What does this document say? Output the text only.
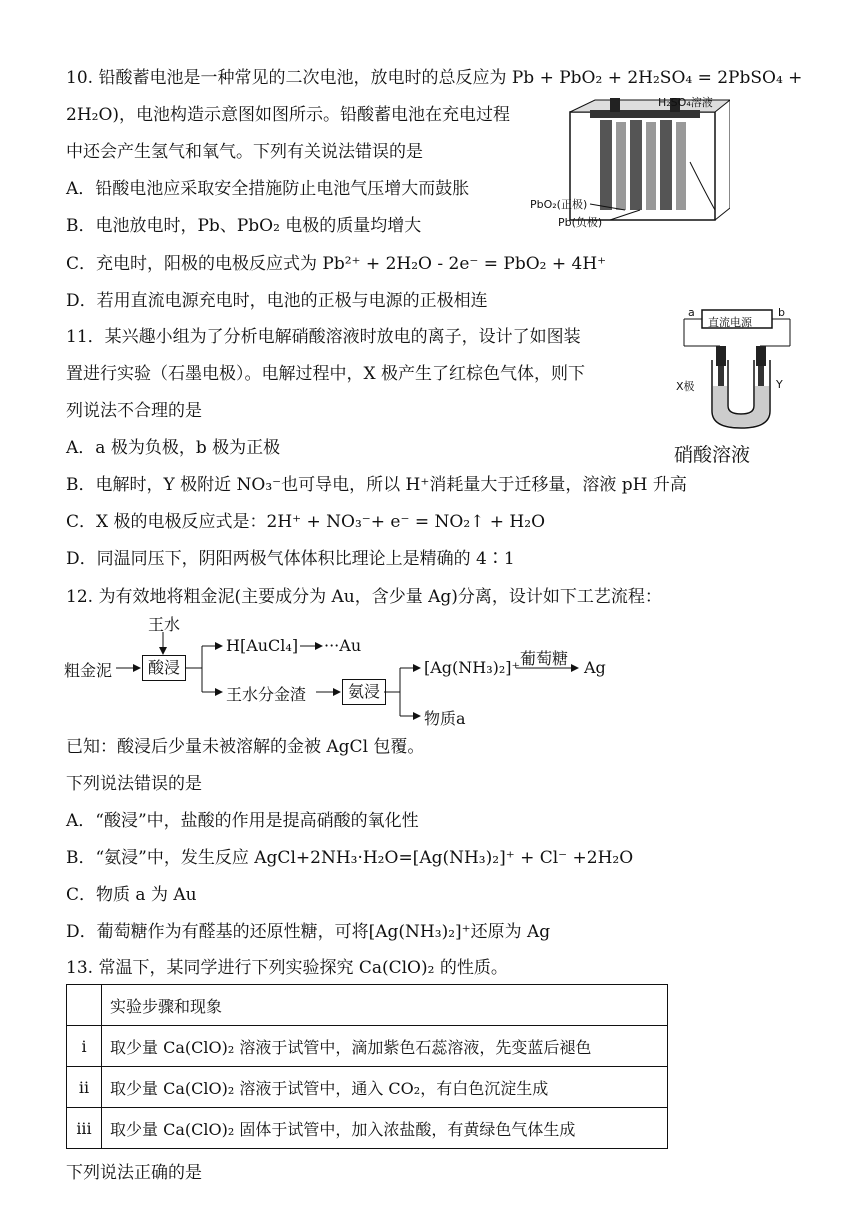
10. 铅酸蓄电池是一种常见的二次电池，放电时的总反应为 Pb + PbO₂ + 2H₂SO₄ = 2PbSO₄ +
2H₂O)，电池构造示意图如图所示。铅酸蓄电池在充电过程
中还会产生氢气和氧气。下列有关说法错误的是
A．铅酸电池应采取安全措施防止电池气压增大而鼓胀
B．电池放电时，Pb、PbO₂ 电极的质量均增大
C．充电时，阳极的电极反应式为 Pb²⁺ + 2H₂O - 2e⁻ = PbO₂ + 4H⁺
D．若用直流电源充电时，电池的正极与电源的正极相连
H₂SO₄溶液
PbO₂(正极)
Pb(负极)
11．某兴趣小组为了分析电解硝酸溶液时放电的离子，设计了如图装
置进行实验（石墨电极）。电解过程中，X 极产生了红棕色气体，则下
列说法不合理的是
A．a 极为负极，b 极为正极
B．电解时，Y 极附近 NO₃⁻也可导电，所以 H⁺消耗量大于迁移量，溶液 pH 升高
C．X 极的电极反应式是：2H⁺ + NO₃⁻+ e⁻ = NO₂↑ + H₂O
D．同温同压下，阴阳两极气体体积比理论上是精确的 4∶1
直流电源
a	b
X极	Y
硝酸溶液
12. 为有效地将粗金泥(主要成分为 Au，含少量 Ag)分离，设计如下工艺流程：
王水
粗金泥	酸浸
H[AuCl₄] ···Au
王水分金渣	氨浸
[Ag(NH₃)₂]⁺ 葡萄糖 Ag
物质a
已知：酸浸后少量未被溶解的金被 AgCl 包覆。
下列说法错误的是
A．“酸浸”中，盐酸的作用是提高硝酸的氧化性
B．“氨浸”中，发生反应 AgCl+2NH₃·H₂O=[Ag(NH₃)₂]⁺ + Cl⁻ +2H₂O
C．物质 a 为 Au
D．葡萄糖作为有醛基的还原性糖，可将[Ag(NH₃)₂]⁺还原为 Ag
13. 常温下，某同学进行下列实验探究 Ca(ClO)₂ 的性质。
	实验步骤和现象
i	取少量 Ca(ClO)₂ 溶液于试管中，滴加紫色石蕊溶液，先变蓝后褪色
ii	取少量 Ca(ClO)₂ 溶液于试管中，通入 CO₂，有白色沉淀生成
iii	取少量 Ca(ClO)₂ 固体于试管中，加入浓盐酸，有黄绿色气体生成
下列说法正确的是
